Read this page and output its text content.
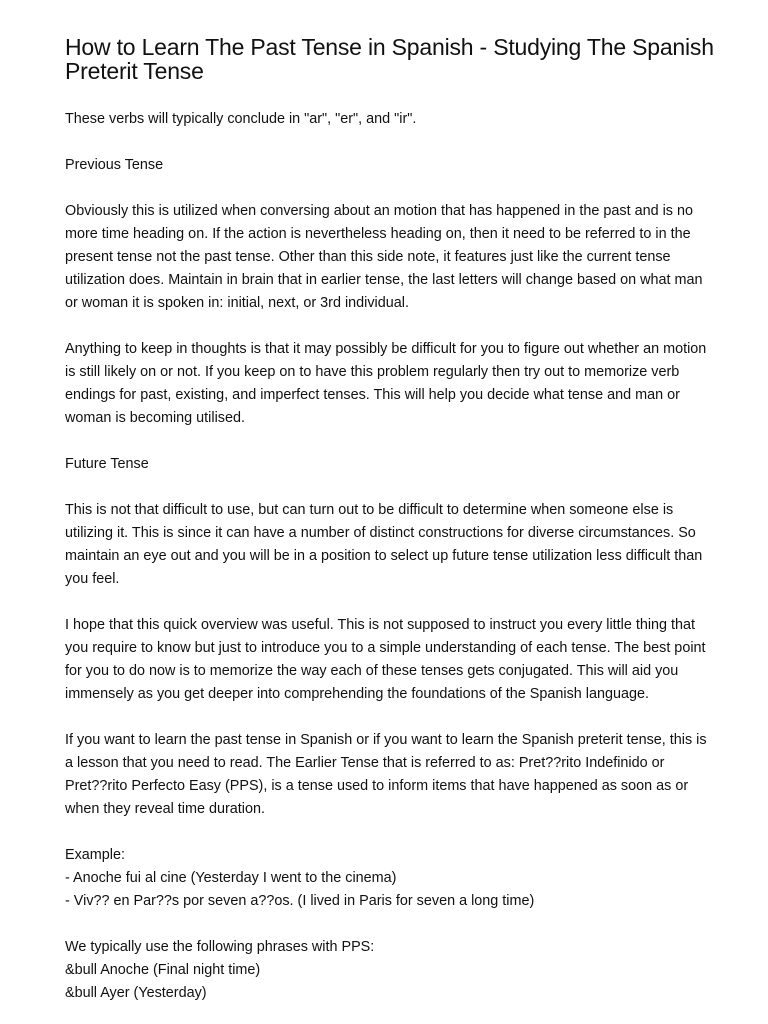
How to Learn The Past Tense in Spanish - Studying The Spanish Preterit Tense

These verbs will typically conclude in "ar", "er", and "ir".

Previous Tense

Obviously this is utilized when conversing about an motion that has happened in the past and is no more time heading on. If the action is nevertheless heading on, then it need to be referred to in the present tense not the past tense. Other than this side note, it features just like the current tense utilization does. Maintain in brain that in earlier tense, the last letters will change based on what man or woman it is spoken in: initial, next, or 3rd individual.

Anything to keep in thoughts is that it may possibly be difficult for you to figure out whether an motion is still likely on or not. If you keep on to have this problem regularly then try out to memorize verb endings for past, existing, and imperfect tenses. This will help you decide what tense and man or woman is becoming utilised.

Future Tense

This is not that difficult to use, but can turn out to be difficult to determine when someone else is utilizing it. This is since it can have a number of distinct constructions for diverse circumstances. So maintain an eye out and you will be in a position to select up future tense utilization less difficult than you feel.

I hope that this quick overview was useful. This is not supposed to instruct you every little thing that you require to know but just to introduce you to a simple understanding of each tense. The best point for you to do now is to memorize the way each of these tenses gets conjugated. This will aid you immensely as you get deeper into comprehending the foundations of the Spanish language.

If you want to learn the past tense in Spanish or if you want to learn the Spanish preterit tense, this is a lesson that you need to read. The Earlier Tense that is referred to as: Pret??rito Indefinido or Pret??rito Perfecto Easy (PPS), is a tense used to inform items that have happened as soon as or when they reveal time duration.

Example:
- Anoche fui al cine (Yesterday I went to the cinema)
- Viv?? en Par??s por seven a??os. (I lived in Paris for seven a long time)

We typically use the following phrases with PPS:
&bull Anoche (Final night time)
&bull Ayer (Yesterday)
